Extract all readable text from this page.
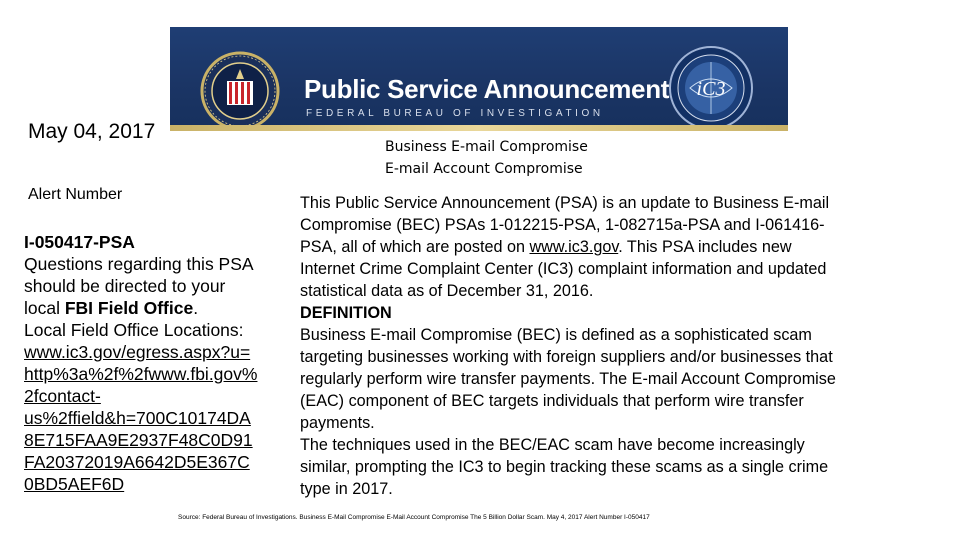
Public Service Announcement
FEDERAL BUREAU OF INVESTIGATION
iC3
May 04, 2017
Alert Number
Business E-mail Compromise
E-mail Account Compromise
I-050417-PSA
Questions regarding this PSA
should be directed to your
local FBI Field Office.
Local Field Office Locations:
www.ic3.gov/egress.aspx?u=
http%3a%2f%2fwww.fbi.gov%
2fcontact-
us%2ffield&h=700C10174DA
8E715FAA9E2937F48C0D91
FA20372019A6642D5E367C
0BD5AEF6D
This Public Service Announcement (PSA) is an update to Business E-mail
Compromise (BEC) PSAs 1-012215-PSA, 1-082715a-PSA and I-061416-
PSA, all of which are posted on www.ic3.gov. This PSA includes new
Internet Crime Complaint Center (IC3) complaint information and updated
statistical data as of December 31, 2016.
DEFINITION
Business E-mail Compromise (BEC) is defined as a sophisticated scam
targeting businesses working with foreign suppliers and/or businesses that
regularly perform wire transfer payments. The E-mail Account Compromise
(EAC) component of BEC targets individuals that perform wire transfer
payments.
The techniques used in the BEC/EAC scam have become increasingly
similar, prompting the IC3 to begin tracking these scams as a single crime
type in 2017.
Source: Federal Bureau of Investigations. Business E-Mail Compromise E-Mail Account Compromise The 5 Billion Dollar Scam. May 4, 2017 Alert Number I-050417
